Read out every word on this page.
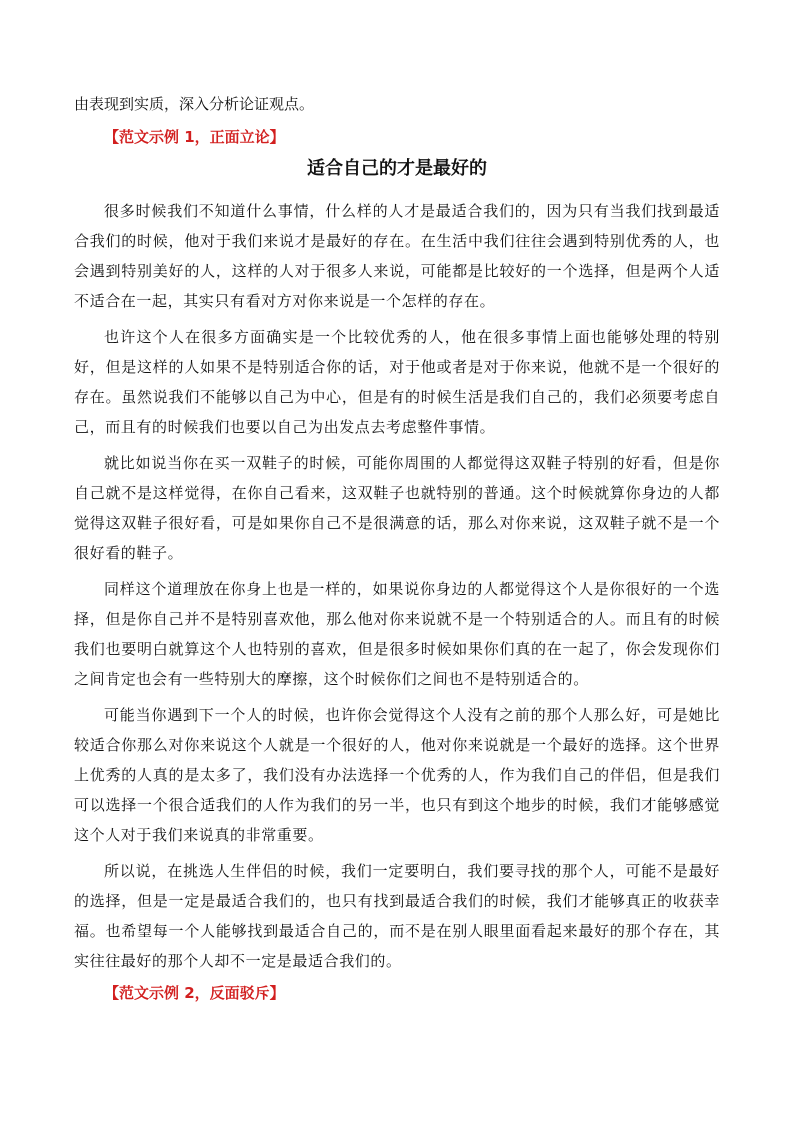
由表现到实质，深入分析论证观点。

【范文示例 1，正面立论】
适合自己的才是最好的

很多时候我们不知道什么事情，什么样的人才是最适合我们的，因为只有当我们找到最适合我们的时候，他对于我们来说才是最好的存在。在生活中我们往往会遇到特别优秀的人，也会遇到特别美好的人，这样的人对于很多人来说，可能都是比较好的一个选择，但是两个人适不适合在一起，其实只有看对方对你来说是一个怎样的存在。

也许这个人在很多方面确实是一个比较优秀的人，他在很多事情上面也能够处理的特别好，但是这样的人如果不是特别适合你的话，对于他或者是对于你来说，他就不是一个很好的存在。虽然说我们不能够以自己为中心，但是有的时候生活是我们自己的，我们必须要考虑自己，而且有的时候我们也要以自己为出发点去考虑整件事情。

就比如说当你在买一双鞋子的时候，可能你周围的人都觉得这双鞋子特别的好看，但是你自己就不是这样觉得，在你自己看来，这双鞋子也就特别的普通。这个时候就算你身边的人都觉得这双鞋子很好看，可是如果你自己不是很满意的话，那么对你来说，这双鞋子就不是一个很好看的鞋子。

同样这个道理放在你身上也是一样的，如果说你身边的人都觉得这个人是你很好的一个选择，但是你自己并不是特别喜欢他，那么他对你来说就不是一个特别适合的人。而且有的时候我们也要明白就算这个人也特别的喜欢，但是很多时候如果你们真的在一起了，你会发现你们之间肯定也会有一些特别大的摩擦，这个时候你们之间也不是特别适合的。

可能当你遇到下一个人的时候，也许你会觉得这个人没有之前的那个人那么好，可是她比较适合你那么对你来说这个人就是一个很好的人，他对你来说就是一个最好的选择。这个世界上优秀的人真的是太多了，我们没有办法选择一个优秀的人，作为我们自己的伴侣，但是我们可以选择一个很合适我们的人作为我们的另一半，也只有到这个地步的时候，我们才能够感觉这个人对于我们来说真的非常重要。

所以说，在挑选人生伴侣的时候，我们一定要明白，我们要寻找的那个人，可能不是最好的选择，但是一定是最适合我们的，也只有找到最适合我们的时候，我们才能够真正的收获幸福。也希望每一个人能够找到最适合自己的，而不是在别人眼里面看起来最好的那个存在，其实往往最好的那个人却不一定是最适合我们的。

【范文示例 2，反面驳斥】
